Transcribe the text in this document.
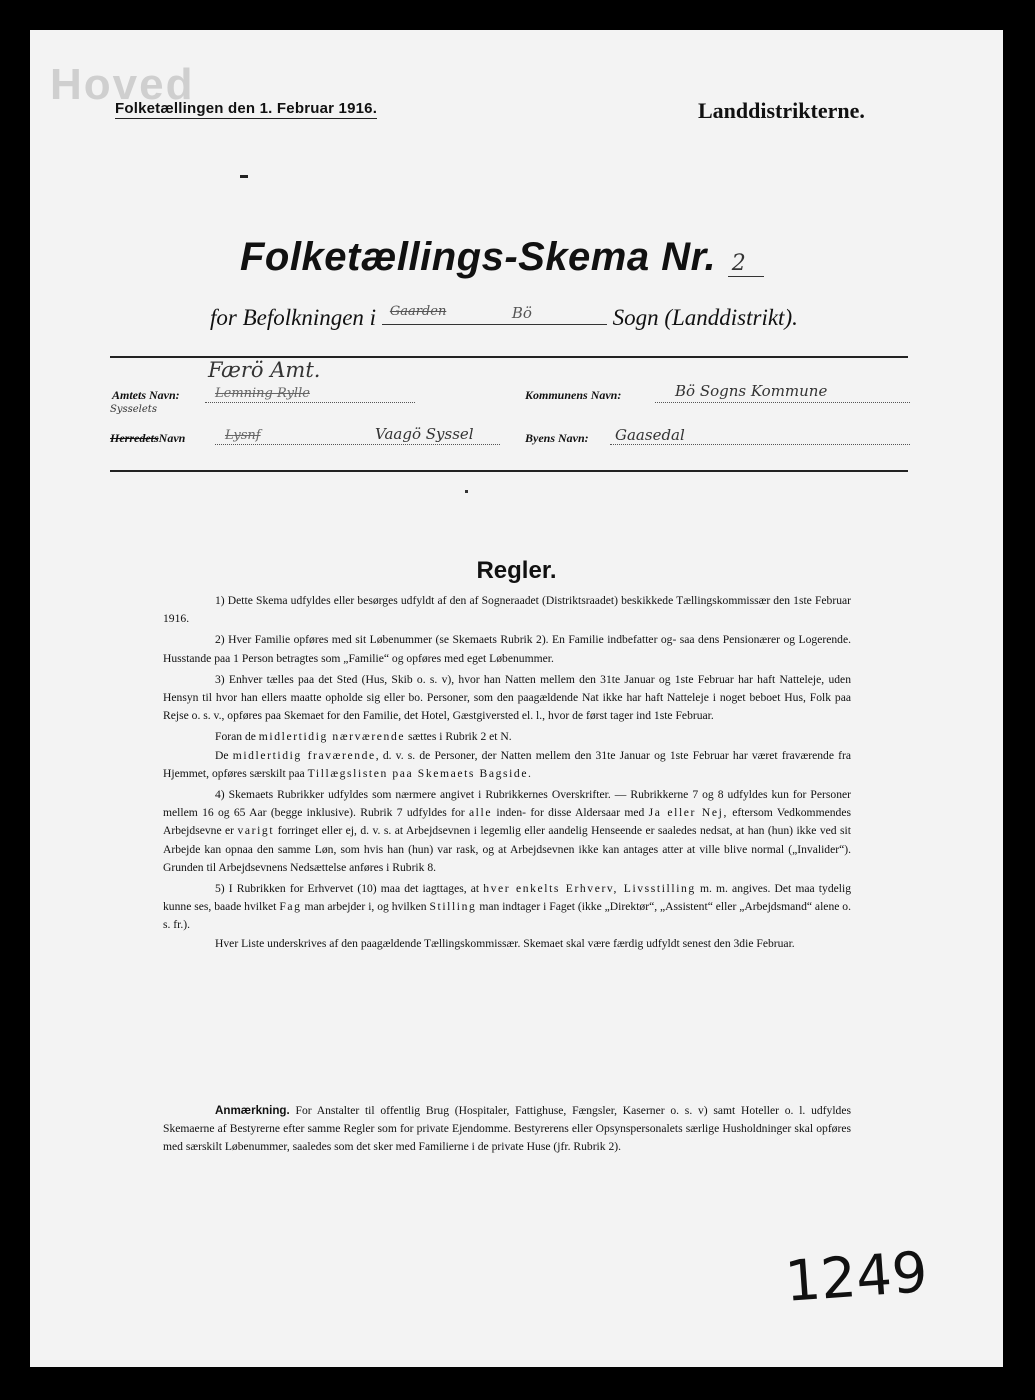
Hoved
Folketællingen den 1. Februar 1916.	Landdistrikterne.
Folketællings-Skema Nr. 2
for Befolkningen i Gaarden	Bö	Sogn (Landdistrikt).
Færö Amt.
Amtets Navn:	Lemning Rylle	Kommunens Navn:	Bö Sogns Kommune
Sysselets
HerredetsNavn	Lysnf	Vaagö Syssel	Byens Navn: Gaasedal
Regler.

1) Dette Skema udfyldes eller besørges udfyldt af den af Sogneraadet (Distriktsraadet) beskikkede Tællingskommissær den 1ste Februar 1916.

2) Hver Familie opføres med sit Løbenummer (se Skemaets Rubrik 2). En Familie indbefatter og- saa dens Pensionærer og Logerende. Husstande paa 1 Person betragtes som „Familie“ og opføres med eget Løbenummer.

3) Enhver tælles paa det Sted (Hus, Skib o. s. v), hvor han Natten mellem den 31te Januar og 1ste Februar har haft Natteleje, uden Hensyn til hvor han ellers maatte opholde sig eller bo. Personer, som den paagældende Nat ikke har haft Natteleje i noget beboet Hus, Folk paa Rejse o. s. v., opføres paa Skemaet for den Familie, det Hotel, Gæstgiversted el. l., hvor de først tager ind 1ste Februar.

Foran de midlertidig nærværende sættes i Rubrik 2 et N.

De midlertidig fraværende, d. v. s. de Personer, der Natten mellem den 31te Januar og 1ste Februar har været fraværende fra Hjemmet, opføres særskilt paa Tillægslisten paa Skemaets Bagside.

4) Skemaets Rubrikker udfyldes som nærmere angivet i Rubrikkernes Overskrifter. — Rubrikkerne 7 og 8 udfyldes kun for Personer mellem 16 og 65 Aar (begge inklusive). Rubrik 7 udfyldes for alle inden- for disse Aldersaar med Ja eller Nej, eftersom Vedkommendes Arbejdsevne er varigt forringet eller ej, d. v. s. at Arbejdsevnen i legemlig eller aandelig Henseende er saaledes nedsat, at han (hun) ikke ved sit Arbejde kan opnaa den samme Løn, som hvis han (hun) var rask, og at Arbejdsevnen ikke kan antages atter at ville blive normal („Invalider“). Grunden til Arbejdsevnens Nedsættelse anføres i Rubrik 8.

5) I Rubrikken for Erhvervet (10) maa det iagttages, at hver enkelts Erhverv, Livsstilling m. m. angives. Det maa tydelig kunne ses, baade hvilket Fag man arbejder i, og hvilken Stilling man indtager i Faget (ikke „Direktør“, „Assistent“ eller „Arbejdsmand“ alene o. s. fr.).

Hver Liste underskrives af den paagældende Tællingskommissær. Skemaet skal være færdig udfyldt senest den 3die Februar.

Anmærkning. For Anstalter til offentlig Brug (Hospitaler, Fattighuse, Fængsler, Kaserner o. s. v) samt Hoteller o. l. udfyldes Skemaerne af Bestyrerne efter samme Regler som for private Ejendomme. Bestyrerens eller Opsynspersonalets særlige Husholdninger skal opføres med særskilt Løbenummer, saaledes som det sker med Familierne i de private Huse (jfr. Rubrik 2).

1249
